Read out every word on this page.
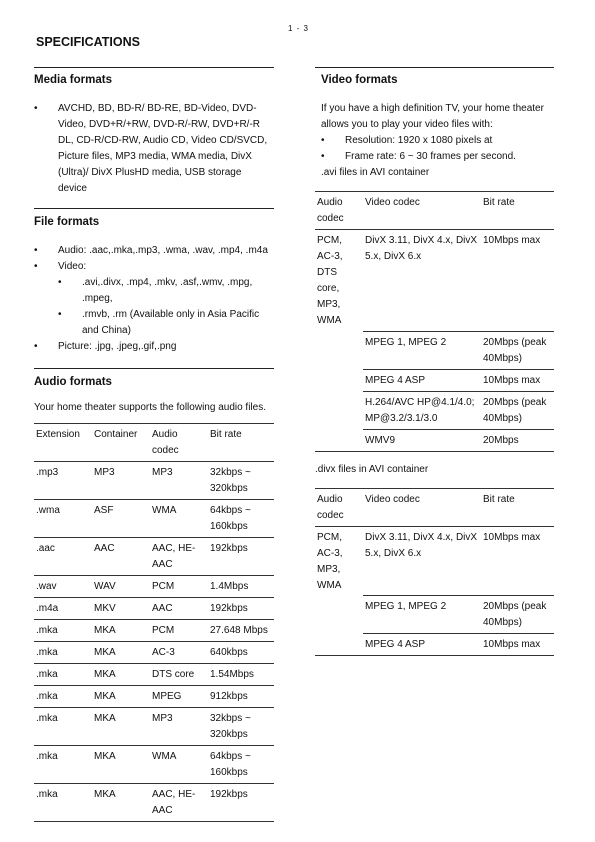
1 - 3
SPECIFICATIONS
Media formats
• AVCHD, BD, BD-R/ BD-RE, BD-Video, DVD-Video, DVD+R/+RW, DVD-R/-RW, DVD+R/-R DL, CD-R/CD-RW, Audio CD, Video CD/SVCD, Picture files, MP3 media, WMA media, DivX (Ultra)/ DivX PlusHD media, USB storage device
File formats
• Audio: .aac,.mka,.mp3, .wma, .wav, .mp4, .m4a
• Video:
• .avi,.divx, .mp4, .mkv, .asf,.wmv, .mpg, .mpeg,
• .rmvb, .rm (Available only in Asia Pacific and China)
• Picture: .jpg, .jpeg,.gif,.png
Audio formats
Your home theater supports the following audio files.
Extension	Container	Audio codec	Bit rate
.mp3	MP3	MP3	32kbps ~ 320kbps
.wma	ASF	WMA	64kbps ~ 160kbps
.aac	AAC	AAC, HE-AAC	192kbps
.wav	WAV	PCM	1.4Mbps
.m4a	MKV	AAC	192kbps
.mka	MKA	PCM	27.648 Mbps
.mka	MKA	AC-3	640kbps
.mka	MKA	DTS core	1.54Mbps
.mka	MKA	MPEG	912kbps
.mka	MKA	MP3	32kbps ~ 320kbps
.mka	MKA	WMA	64kbps ~ 160kbps
.mka	MKA	AAC, HE-AAC	192kbps
Video formats
If you have a high definition TV, your home theater allows you to play your video files with:
• Resolution: 1920 x 1080 pixels at
• Frame rate: 6 ~ 30 frames per second.
.avi files in AVI container
Audio codec	Video codec	Bit rate
PCM, AC-3, DTS core, MP3, WMA	DivX 3.11, DivX 4.x, DivX 5.x, DivX 6.x	10Mbps max
	MPEG 1, MPEG 2	20Mbps (peak 40Mbps)
	MPEG 4 ASP	10Mbps max
	H.264/AVC HP@4.1/4.0; MP@3.2/3.1/3.0	20Mbps (peak 40Mbps)
	WMV9	20Mbps
.divx files in AVI container
Audio codec	Video codec	Bit rate
PCM, AC-3, MP3, WMA	DivX 3.11, DivX 4.x, DivX 5.x, DivX 6.x	10Mbps max
	MPEG 1, MPEG 2	20Mbps (peak 40Mbps)
	MPEG 4 ASP	10Mbps max
